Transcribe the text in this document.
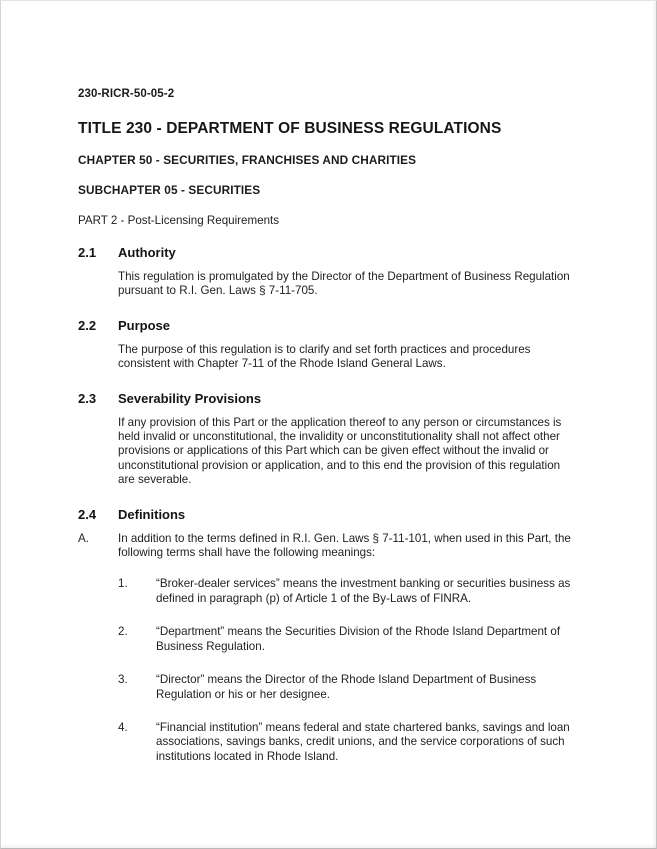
230-RICR-50-05-2
TITLE 230 - DEPARTMENT OF BUSINESS REGULATIONS
CHAPTER 50 - SECURITIES, FRANCHISES AND CHARITIES
SUBCHAPTER 05 - SECURITIES
PART 2 - Post-Licensing Requirements
2.1	Authority

This regulation is promulgated by the Director of the Department of Business Regulation pursuant to R.I. Gen. Laws § 7-11-705.

2.2	Purpose

The purpose of this regulation is to clarify and set forth practices and procedures consistent with Chapter 7-11 of the Rhode Island General Laws.

2.3	Severability Provisions

If any provision of this Part or the application thereof to any person or circumstances is held invalid or unconstitutional, the invalidity or unconstitutionality shall not affect other provisions or applications of this Part which can be given effect without the invalid or unconstitutional provision or application, and to this end the provision of this regulation are severable.

2.4	Definitions
A.	In addition to the terms defined in R.I. Gen. Laws § 7-11-101, when used in this Part, the following terms shall have the following meanings:
1.	“Broker-dealer services” means the investment banking or securities business as defined in paragraph (p) of Article 1 of the By-Laws of FINRA.
2.	“Department” means the Securities Division of the Rhode Island Department of Business Regulation.
3.	“Director” means the Director of the Rhode Island Department of Business Regulation or his or her designee.
4.	“Financial institution” means federal and state chartered banks, savings and loan associations, savings banks, credit unions, and the service corporations of such institutions located in Rhode Island.
